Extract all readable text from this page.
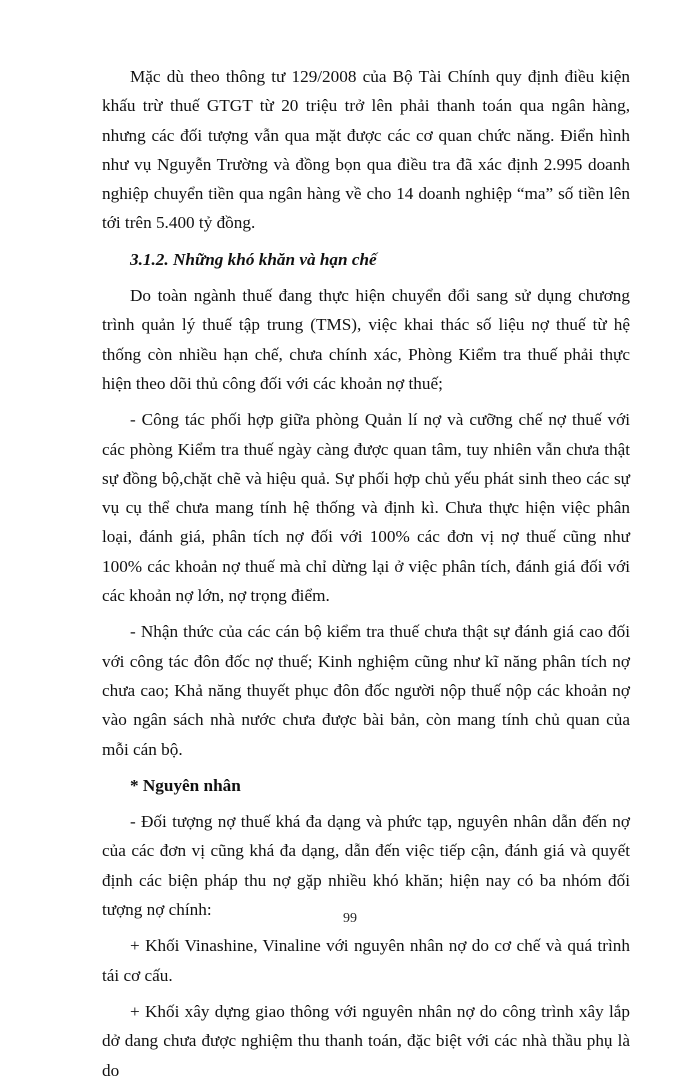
Mặc dù theo thông tư 129/2008 của Bộ Tài Chính quy định điều kiện khấu trừ thuế GTGT từ 20 triệu trở lên phải thanh toán qua ngân hàng, nhưng các đối tượng vẫn qua mặt được các cơ quan chức năng. Điển hình như vụ Nguyễn Trường và đồng bọn qua điều tra đã xác định 2.995 doanh nghiệp chuyển tiền qua ngân hàng về cho 14 doanh nghiệp “ma” số tiền lên tới trên 5.400 tỷ đồng.

3.1.2. Những khó khăn và hạn chế

Do toàn ngành thuế đang thực hiện chuyển đổi sang sử dụng chương trình quản lý thuế tập trung (TMS), việc khai thác số liệu nợ thuế từ hệ thống còn nhiều hạn chế, chưa chính xác, Phòng Kiểm tra thuế phải thực hiện theo dõi thủ công đối với các khoản nợ thuế;

- Công tác phối hợp giữa phòng Quản lí nợ và cưỡng chế nợ thuế với các phòng Kiểm tra thuế ngày càng được quan tâm, tuy nhiên vẫn chưa thật sự đồng bộ,chặt chẽ và hiệu quả. Sự phối hợp chủ yếu phát sinh theo các sự vụ cụ thể chưa mang tính hệ thống và định kì. Chưa thực hiện việc phân loại, đánh giá, phân tích nợ đối với 100% các đơn vị nợ thuế cũng như 100% các khoản nợ thuế mà chỉ dừng lại ở việc phân tích, đánh giá đối với các khoản nợ lớn, nợ trọng điểm.

- Nhận thức của các cán bộ kiểm tra thuế chưa thật sự đánh giá cao đối với công tác đôn đốc nợ thuế; Kinh nghiệm cũng như kĩ năng phân tích nợ chưa cao; Khả năng thuyết phục đôn đốc người nộp thuế nộp các khoản nợ vào ngân sách nhà nước chưa được bài bản, còn mang tính chủ quan của mỗi cán bộ.

* Nguyên nhân

- Đối tượng nợ thuế khá đa dạng và phức tạp, nguyên nhân dẫn đến nợ của các đơn vị cũng khá đa dạng, dẫn đến việc tiếp cận, đánh giá và quyết định các biện pháp thu nợ gặp nhiều khó khăn; hiện nay có ba nhóm đối tượng nợ chính:

+ Khối Vinashine, Vinaline với nguyên nhân nợ do cơ chế và quá trình tái cơ cấu.

+ Khối xây dựng giao thông với nguyên nhân nợ do công trình xây lắp dở dang chưa được nghiệm thu thanh toán, đặc biệt với các nhà thầu phụ là do

99
